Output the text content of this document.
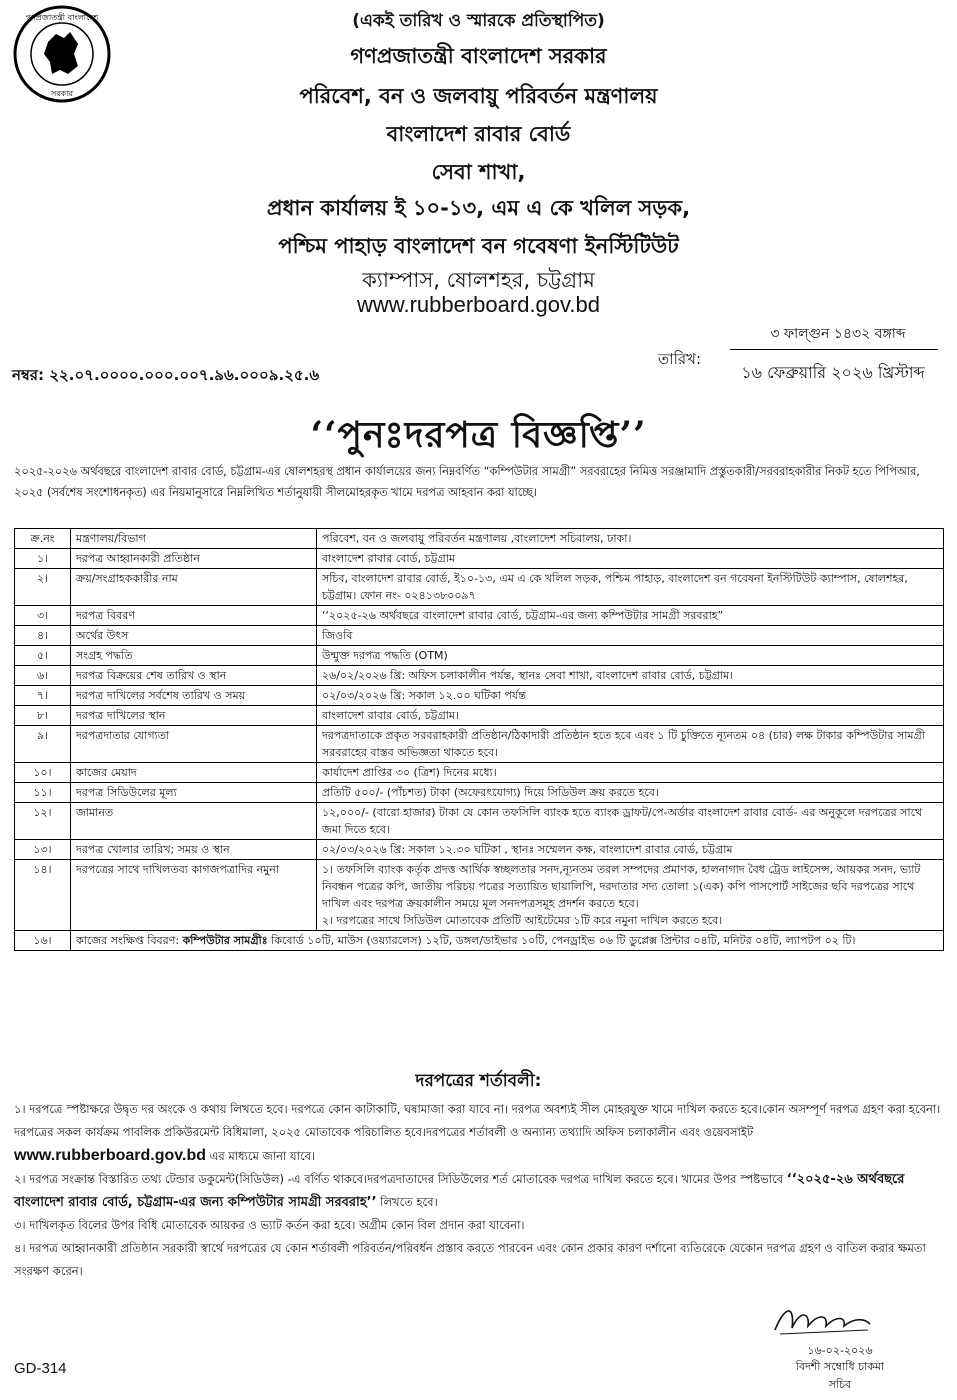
গণপ্রজাতন্ত্রী বাংলাদেশ
সরকার
(একই তারিখ ও স্মারকে প্রতিস্থাপিত)
গণপ্রজাতন্ত্রী বাংলাদেশ সরকার
পরিবেশ, বন ও জলবায়ু পরিবর্তন মন্ত্রণালয়
বাংলাদেশ রাবার বোর্ড
সেবা শাখা,
প্রধান কার্যালয় ই ১০-১৩, এম এ কে খলিল সড়ক,
পশ্চিম পাহাড় বাংলাদেশ বন গবেষণা ইনস্টিটিউট
ক্যাম্পাস, ষোলশহর, চট্টগ্রাম
www.rubberboard.gov.bd
৩ ফাল্গুন ১৪৩২ বঙ্গাব্দ
তারিখ:
১৬ ফেব্রুয়ারি ২০২৬ খ্রিস্টাব্দ
নম্বর: ২২.০৭.০০০০.০০০.০০৭.৯৬.০০০৯.২৫.৬
‘‘পুনঃদরপত্র বিজ্ঞপ্তি’’
২০২৫-২০২৬ অর্থবছরে বাংলাদেশ রাবার বোর্ড, চট্টগ্রাম-এর ষোলশহরস্থ প্রধান কার্যালয়ের জন্য নিম্নবর্ণিত “কম্পিউটার সামগ্রী” সরবরাহের নিমিত্ত সরঞ্জামাদি প্রস্তুতকারী/সরবরাহকারীর নিকট হতে পিপিআর, ২০২৫ (সর্বশেষ সংশোধনকৃত) এর নিয়মানুসারে নিম্নলিখিত শর্তানুযায়ী সীলমোহরকৃত খামে দরপত্র আহবান করা যাচ্ছে।
ক্র.নং	মন্ত্রণালয়/বিভাগ	পরিবেশ, বন ও জলবায়ু পরিবর্তন মন্ত্রণালয় ,বাংলাদেশ সচিবালয়, ঢাকা।
১।	দরপত্র আহ্বানকারী প্রতিষ্ঠান	বাংলাদেশ রাবার বোর্ড, চট্টগ্রাম
২।	ক্রয়/সংগ্রাহককারীর নাম	সচিব, বাংলাদেশ রাবার বোর্ড, ই১০-১৩, এম এ কে খলিল সড়ক, পশ্চিম পাহাড়, বাংলাদেশ বন গবেষনা ইনস্টিটিউট ক্যাম্পাস, ষোলশহর, চট্টগ্রাম। ফোন নং- ০২৪১৩৮০০৯৭
৩।	দরপত্র বিবরণ	‘‘২০২৫-২৬ অর্থবছরে বাংলাদেশ রাবার বোর্ড, চট্টগ্রাম-এর জন্য কম্পিউটার সামগ্রী সরবরাহ”
৪।	অর্থের উৎস	জিওবি
৫।	সংগ্রহ পদ্ধতি	উন্মুক্ত দরপত্র পদ্ধতি (OTM)
৬।	দরপত্র বিক্রয়ের শেষ তারিখ ও স্থান	২৬/০২/২০২৬ খ্রি: অফিস চলাকালীন পর্যন্ত, স্থানঃ সেবা শাখা, বাংলাদেশ রাবার বোর্ড, চট্টগ্রাম।
৭।	দরপত্র দাখিলের সর্বশেষ তারিখ ও সময়	০২/০৩/২০২৬ খ্রি: সকাল ১২.০০ ঘটিকা পর্যন্ত
৮।	দরপত্র দাখিলের স্থান	বাংলাদেশ রাবার বোর্ড, চট্টগ্রাম।
৯।	দরপত্রদাতার যোগ্যতা	দরপত্রদাতাকে প্রকৃত সরবরাহকারী প্রতিষ্ঠান/ঠিকাদারী প্রতিষ্ঠান হতে হবে এবং ১ টি চুক্তিতে ন্যূনতম ০৪ (চার) লক্ষ টাকার কম্পিউটার সামগ্রী সরবরাহের বাস্তব অভিজ্ঞতা থাকতে হবে।
১০।	কাজের মেয়াদ	কার্যাদেশ প্রাপ্তির ৩০ (ত্রিশ) দিনের মধ্যে।
১১।	দরপত্র সিডিউলের মূল্য	প্রতিটি ৫০০/- (পাঁচশত) টাকা (অফেরৎযোগ্য) দিয়ে সিডিউল ক্রয় করতে হবে।
১২।	জামানত	১২,০০০/- (বারো হাজার) টাকা যে কোন তফসিলি ব্যাংক হতে ব্যাংক ড্রাফট/পে-অর্ডার বাংলাদেশ রাবার বোর্ড- এর অনুকূলে দরপত্রের সাথে জমা দিতে হবে।
১৩।	দরপত্র খোলার তারিখ; সময় ও স্থান	০২/০৩/২০২৬ খ্রি: সকাল ১২.৩০ ঘটিকা , স্থানঃ সম্মেলন কক্ষ, বাংলাদেশ রাবার বোর্ড, চট্টগ্রাম
১৪।	দরপত্রের সাথে দাখিলতব্য কাগজপত্রাদির নমুনা	১। তফসিলি ব্যাংক কর্তৃক প্রদত্ত আর্থিক স্বচ্ছলতার সনদ,ন্যূনতম তরল সম্পদের প্রমাণক, হালনাগাদ বৈধ ট্রেড লাইসেন্স, আয়কর সনদ, ভ্যাট নিবন্ধন পত্রের কপি, জাতীয় পরিচয় পত্রের সত্যায়িত ছায়ালিপি, দরদাতার সদ্য তোলা ১(এক) কপি পাসপোর্ট সাইজের ছবি দরপত্রের সাথে দাখিল এবং দরপত্র ক্রয়কালীন সময়ে মূল সনদপত্রসমূহ প্রদর্শন করতে হবে।
২। দরপত্রের সাথে সিডিউল মোতাবেক প্রতিটি আইটেমের ১টি করে নমুনা দাখিল করতে হবে।

১৬।	কাজের সংক্ষিপ্ত বিবরণ: কম্পিউটার সামগ্রীঃ কিবোর্ড ১০টি, মাউস (ওয়্যারলেস) ১২টি, ডঙ্গল/ডাইভার ১০টি, পেনড্রাইভ ০৬ টি ডুপ্লেক্স প্রিন্টার ০৪টি, মনিটর ০৪টি, ল্যাপটপ ০২ টি।	
দরপত্রের শর্তাবলী:
১। দরপত্রে স্পষ্টাক্ষরে উদ্বৃত দর অংকে ও কথায় লিখতে হবে। দরপত্রে কোন কাটাকাটি, ঘষামাজা করা যাবে না। দরপত্র অবশ্যই সীল মোহরযুক্ত খামে দাখিল করতে হবে।কোন অসম্পূর্ণ দরপত্র গ্রহণ করা হবেনা। দরপত্রের সকল কার্যক্রম পাবলিক প্রকিউরমেন্ট বিধিমালা, ২০২৫ মোতাবেক পরিচালিত হবে।দরপত্রের শর্তাবলী ও অন্যান্য তথ্যাদি অফিস চলাকালীন এবং ওয়েবসাইট
www.rubberboard.gov.bd এর মাধ্যমে জানা যাবে।
২। দরপত্র সংক্রান্ত বিস্তারিত তথ্য টেন্ডার ডকুমেন্ট(সিডিউল) -এ বর্ণিত থাকবে।দরপত্রদাতাদের সিডিউলের শর্ত মোতাবেক দরপত্র দাখিল করতে হবে। খামের উপর স্পষ্টভাবে ‘‘২০২৫-২৬ অর্থবছরে বাংলাদেশ রাবার বোর্ড, চট্টগ্রাম-এর জন্য কম্পিউটার সামগ্রী সরবরাহ’’ লিখতে হবে।
৩। দাখিলকৃত বিলের উপর বিধি মোতাবেক আয়কর ও ভ্যাট কর্তন করা হবে। অগ্রীম কোন বিল প্রদান করা যাবেনা।
৪। দরপত্র আহ্বানকারী প্রতিষ্ঠান সরকারী স্বার্থে দরপত্রের যে কোন শর্তাবলী পরিবর্তন/পরিবর্ধন প্রস্তাব করতে পারবেন এবং কোন প্রকার কারণ দর্শানো ব্যতিরেকে যেকোন দরপত্র গ্রহণ ও বাতিল করার ক্ষমতা সংরক্ষণ করেন।
১৬-০২-২০২৬
বিদশী সম্বোধি চাকমা
সচিব
GD-314
